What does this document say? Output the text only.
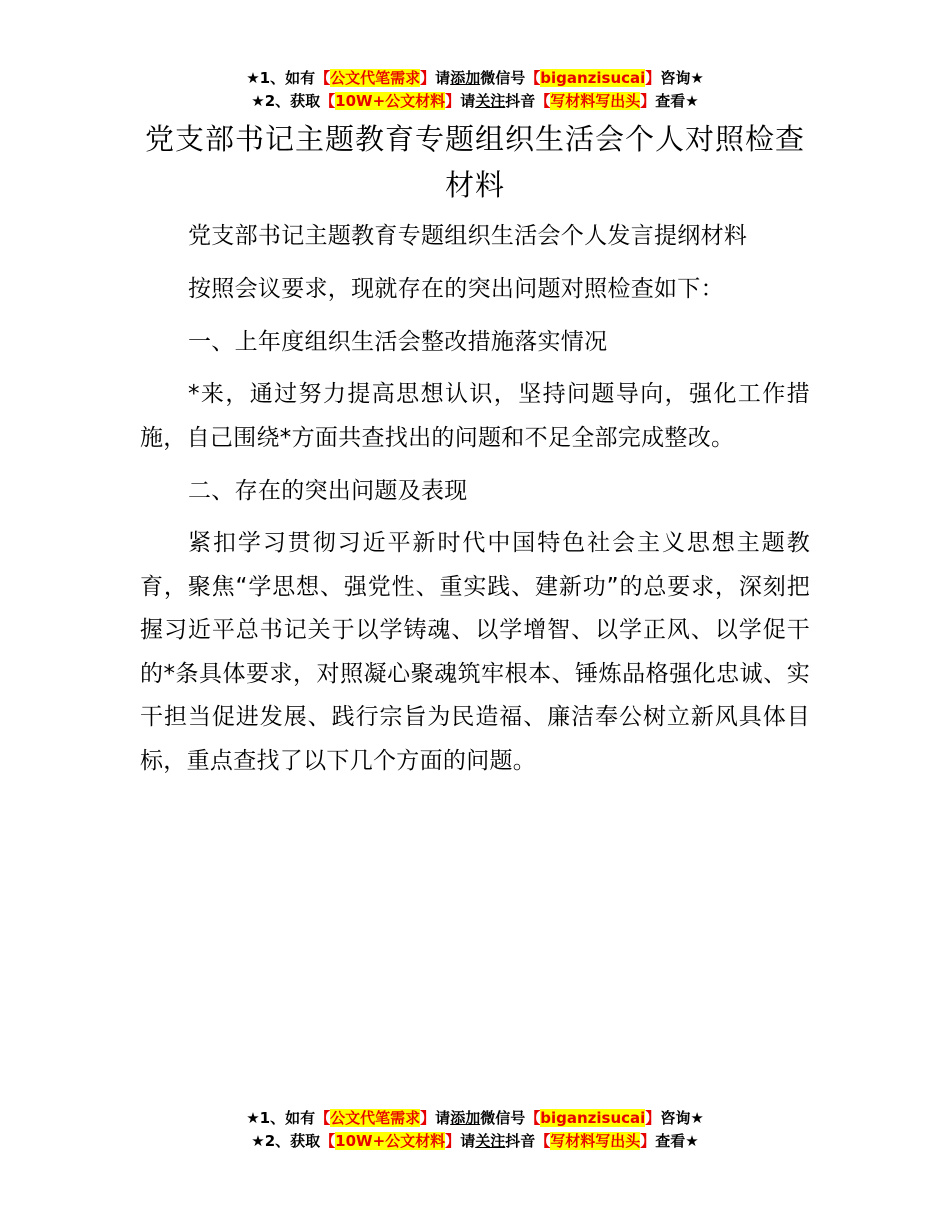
★1、如有【公文代笔需求】请添加微信号【biganzisucai】咨询★
★2、获取【10W+公文材料】请关注抖音【写材料写出头】查看★
党支部书记主题教育专题组织生活会个人对照检查材料

党支部书记主题教育专题组织生活会个人发言提纲材料

按照会议要求，现就存在的突出问题对照检查如下：

一、上年度组织生活会整改措施落实情况

*来，通过努力提高思想认识，坚持问题导向，强化工作措施，自己围绕*方面共查找出的问题和不足全部完成整改。

二、存在的突出问题及表现

紧扣学习贯彻习近平新时代中国特色社会主义思想主题教育，聚焦“学思想、强党性、重实践、建新功”的总要求，深刻把握习近平总书记关于以学铸魂、以学增智、以学正风、以学促干的*条具体要求，对照凝心聚魂筑牢根本、锤炼品格强化忠诚、实干担当促进发展、践行宗旨为民造福、廉洁奉公树立新风具体目标，重点查找了以下几个方面的问题。

★1、如有【公文代笔需求】请添加微信号【biganzisucai】咨询★
★2、获取【10W+公文材料】请关注抖音【写材料写出头】查看★
